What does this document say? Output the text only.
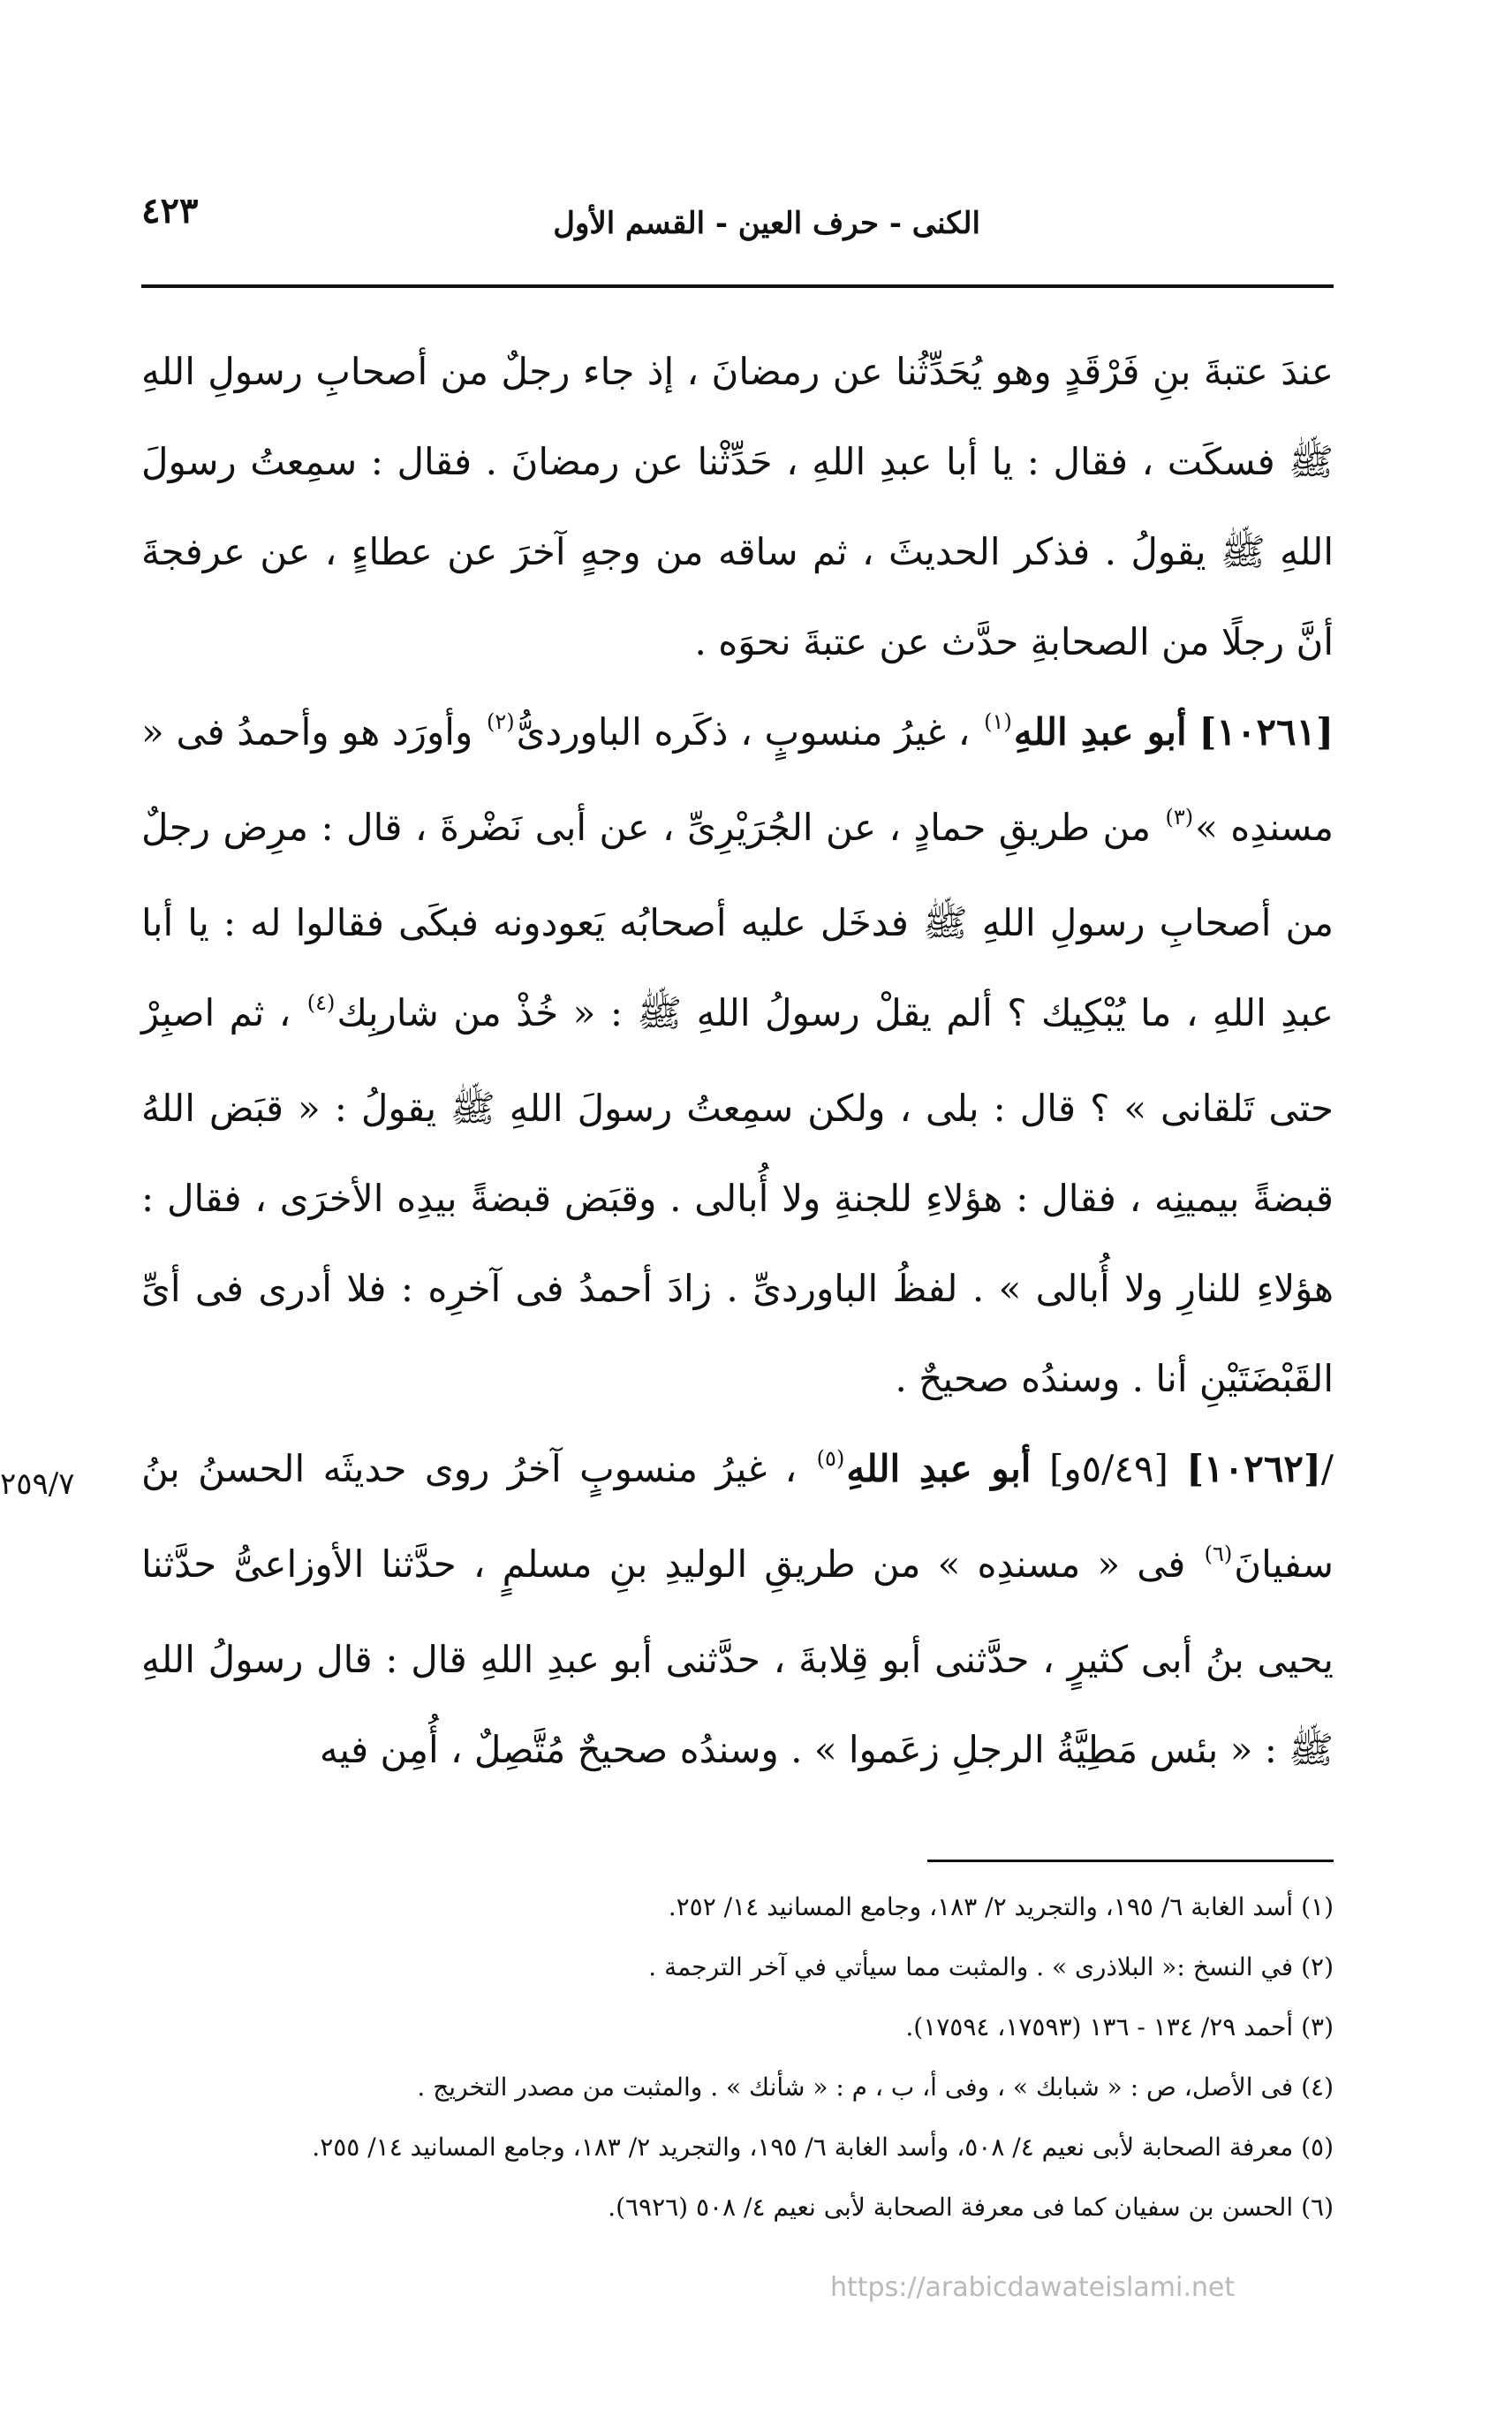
الكنى - حرف العين - القسم الأول
٤٢٣

عندَ عتبةَ بنِ فَرْقَدٍ وهو يُحَدِّثُنا عن رمضانَ ، إذ جاء رجلٌ من أصحابِ رسولِ اللهِ ﷺ فسكَت ، فقال : يا أبا عبدِ اللهِ ، حَدِّثْنا عن رمضانَ . فقال : سمِعتُ رسولَ اللهِ ﷺ يقولُ . فذكر الحديثَ ، ثم ساقه من وجهٍ آخرَ عن عطاءٍ ، عن عرفجةَ أنَّ رجلًا من الصحابةِ حدَّث عن عتبةَ نحوَه .

[١٠٢٦١] أبو عبدِ اللهِ$^{(١)}$ ، غيرُ منسوبٍ ، ذكَره الباوردىُّ$^{(٢)}$ وأورَد هو وأحمدُ فى « مسندِه »$^{(٣)}$ من طريقِ حمادٍ ، عن الجُرَيْرِىِّ ، عن أبى نَضْرةَ ، قال : مرِض رجلٌ من أصحابِ رسولِ اللهِ ﷺ فدخَل عليه أصحابُه يَعودونه فبكَى فقالوا له : يا أبا عبدِ اللهِ ، ما يُبْكِيك ؟ ألم يقلْ رسولُ اللهِ ﷺ : « خُذْ من شاربِك$^{(٤)}$ ، ثم اصبِرْ حتى تَلقانى » ؟ قال : بلى ، ولكن سمِعتُ رسولَ اللهِ ﷺ يقولُ : « قبَض اللهُ قبضةً بيمينِه ، فقال : هؤلاءِ للجنةِ ولا أُبالى . وقبَض قبضةً بيدِه الأخرَى ، فقال : هؤلاءِ للنارِ ولا أُبالى » . لفظُ الباوردىِّ . زادَ أحمدُ فى آخرِه : فلا أدرى فى أىِّ القَبْضَتَيْنِ أنا . وسندُه صحيحٌ .

/[١٠٢٦٢] [٥/٤٩و] أبو عبدِ اللهِ$^{(٥)}$ ، غيرُ منسوبٍ آخرُ روى حديثَه الحسنُ بنُ سفيانَ$^{(٦)}$ فى « مسندِه » من طريقِ الوليدِ بنِ مسلمٍ ، حدَّثنا الأوزاعىُّ حدَّثنا يحيى بنُ أبى كثيرٍ ، حدَّثنى أبو قِلابةَ ، حدَّثنى أبو عبدِ اللهِ قال : قال رسولُ اللهِ ﷺ : « بئس مَطِيَّةُ الرجلِ زعَموا » . وسندُه صحيحٌ مُتَّصِلٌ ، أُمِن فيه

٢٥٩/٧
(١) أسد الغابة ٦/ ١٩٥، والتجريد ٢/ ١٨٣، وجامع المسانيد ١٤/ ٢٥٢.
(٢) في النسخ :« البلاذرى » . والمثبت مما سيأتي في آخر الترجمة .
(٣) أحمد ٢٩/ ١٣٤ - ١٣٦ (١٧٥٩٣، ١٧٥٩٤).
(٤) فى الأصل، ص : « شبابك » ، وفى أ، ب ، م : « شأنك » . والمثبت من مصدر التخريج .
(٥) معرفة الصحابة لأبى نعيم ٤/ ٥٠٨، وأسد الغابة ٦/ ١٩٥، والتجريد ٢/ ١٨٣، وجامع المسانيد ١٤/ ٢٥٥.
(٦) الحسن بن سفيان كما فى معرفة الصحابة لأبى نعيم ٤/ ٥٠٨ (٦٩٢٦).
https://arabicdawateislami.net
